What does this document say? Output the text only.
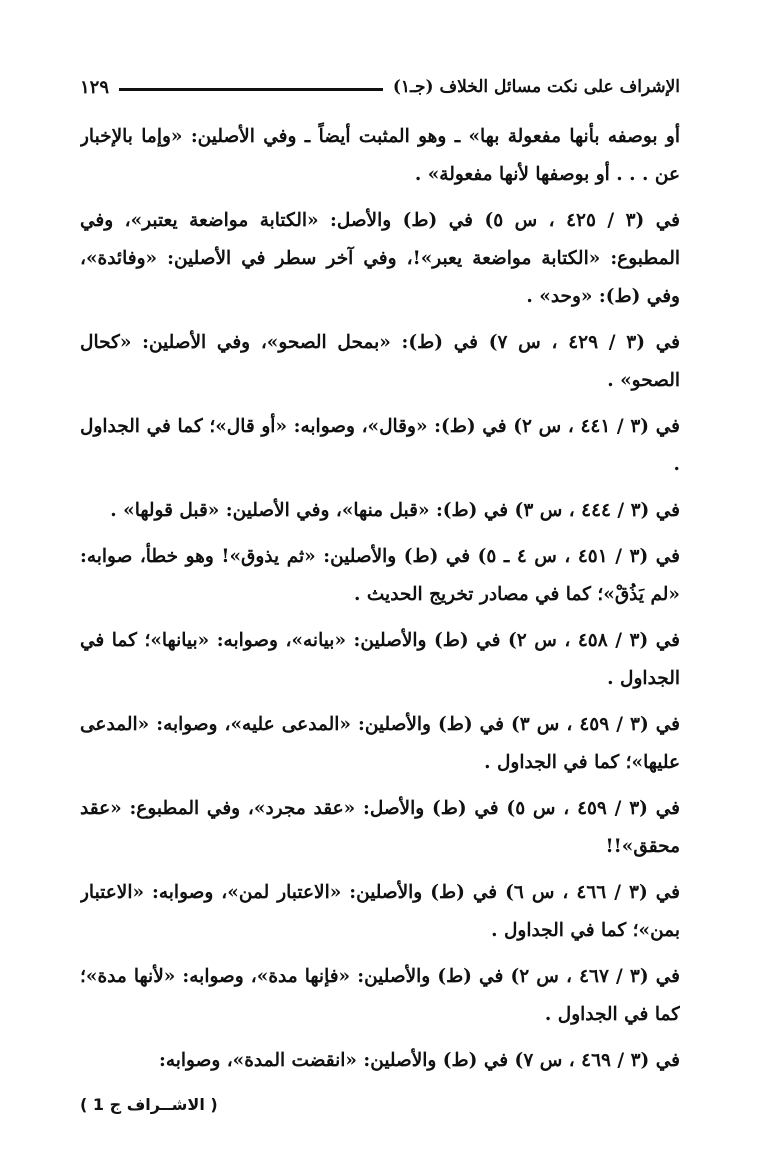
الإشراف على نكت مسائل الخلاف (جـ١)
١٢٩

أو بوصفه بأنها مفعولة بها» ـ وهو المثبت أيضاً ـ وفي الأصلين: «وإما بالإخبار عن . . . أو بوصفها لأنها مفعولة» .

في (٣ / ٤٢٥ ، س ٥) في (ط) والأصل: «الكتابة مواضعة يعتبر»، وفي المطبوع: «الكتابة مواضعة يعبر»!، وفي آخر سطر في الأصلين: «وفائدة»، وفي (ط): «وحد» .

في (٣ / ٤٢٩ ، س ٧) في (ط): «بمحل الصحو»، وفي الأصلين: «كحال الصحو» .

في (٣ / ٤٤١ ، س ٢) في (ط): «وقال»، وصوابه: «أو قال»؛ كما في الجداول .

في (٣ / ٤٤٤ ، س ٣) في (ط): «قبل منها»، وفي الأصلين: «قبل قولها» .

في (٣ / ٤٥١ ، س ٤ ـ ٥) في (ط) والأصلين: «ثم يذوق»! وهو خطأ، صوابه: «لم يَذُقْ»؛ كما في مصادر تخريج الحديث .

في (٣ / ٤٥٨ ، س ٢) في (ط) والأصلين: «بيانه»، وصوابه: «بيانها»؛ كما في الجداول .

في (٣ / ٤٥٩ ، س ٣) في (ط) والأصلين: «المدعى عليه»، وصوابه: «المدعى عليها»؛ كما في الجداول .

في (٣ / ٤٥٩ ، س ٥) في (ط) والأصل: «عقد مجرد»، وفي المطبوع: «عقد محقق»!!

في (٣ / ٤٦٦ ، س ٦) في (ط) والأصلين: «الاعتبار لمن»، وصوابه: «الاعتبار بمن»؛ كما في الجداول .

في (٣ / ٤٦٧ ، س ٢) في (ط) والأصلين: «فإنها مدة»، وصوابه: «لأنها مدة»؛ كما في الجداول .

في (٣ / ٤٦٩ ، س ٧) في (ط) والأصلين: «انقضت المدة»، وصوابه:

( الاشــراف ج 1 )
